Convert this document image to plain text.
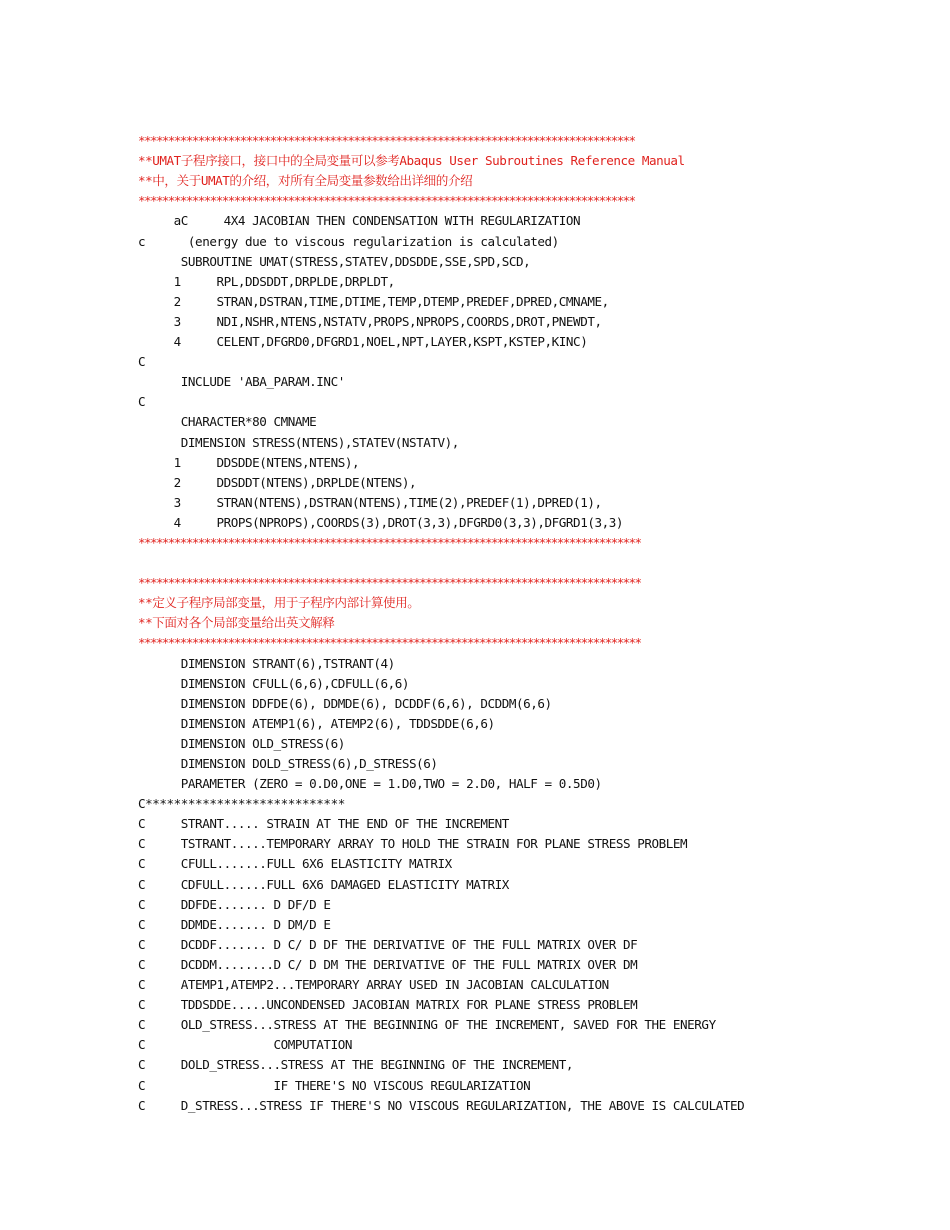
***********************************************************************************
**UMAT子程序接口，接口中的全局变量可以参考Abaqus User Subroutines Reference Manual
**中，关于UMAT的介绍，对所有全局变量参数给出详细的介绍
***********************************************************************************
aC     4X4 JACOBIAN THEN CONDENSATION WITH REGULARIZATION
c      (energy due to viscous regularization is calculated)
SUBROUTINE UMAT(STRESS,STATEV,DDSDDE,SSE,SPD,SCD,
1     RPL,DDSDDT,DRPLDE,DRPLDT,
2     STRAN,DSTRAN,TIME,DTIME,TEMP,DTEMP,PREDEF,DPRED,CMNAME,
3     NDI,NSHR,NTENS,NSTATV,PROPS,NPROPS,COORDS,DROT,PNEWDT,
4     CELENT,DFGRD0,DFGRD1,NOEL,NPT,LAYER,KSPT,KSTEP,KINC)
C
INCLUDE 'ABA_PARAM.INC'
C
CHARACTER*80 CMNAME
DIMENSION STRESS(NTENS),STATEV(NSTATV),
1     DDSDDE(NTENS,NTENS),
2     DDSDDT(NTENS),DRPLDE(NTENS),
3     STRAN(NTENS),DSTRAN(NTENS),TIME(2),PREDEF(1),DPRED(1),
4     PROPS(NPROPS),COORDS(3),DROT(3,3),DFGRD0(3,3),DFGRD1(3,3)
************************************************************************************
************************************************************************************
**定义子程序局部变量，用于子程序内部计算使用。
**下面对各个局部变量给出英文解释
************************************************************************************
DIMENSION STRANT(6),TSTRANT(4)
DIMENSION CFULL(6,6),CDFULL(6,6)
DIMENSION DDFDE(6), DDMDE(6), DCDDF(6,6), DCDDM(6,6)
DIMENSION ATEMP1(6), ATEMP2(6), TDDSDDE(6,6)
DIMENSION OLD_STRESS(6)
DIMENSION DOLD_STRESS(6),D_STRESS(6)
PARAMETER (ZERO = 0.D0,ONE = 1.D0,TWO = 2.D0, HALF = 0.5D0)
C****************************
C     STRANT..... STRAIN AT THE END OF THE INCREMENT
C     TSTRANT.....TEMPORARY ARRAY TO HOLD THE STRAIN FOR PLANE STRESS PROBLEM
C     CFULL.......FULL 6X6 ELASTICITY MATRIX
C     CDFULL......FULL 6X6 DAMAGED ELASTICITY MATRIX
C     DDFDE....... D DF/D E
C     DDMDE....... D DM/D E
C     DCDDF....... D C/ D DF THE DERIVATIVE OF THE FULL MATRIX OVER DF
C     DCDDM........D C/ D DM THE DERIVATIVE OF THE FULL MATRIX OVER DM
C     ATEMP1,ATEMP2...TEMPORARY ARRAY USED IN JACOBIAN CALCULATION
C     TDDSDDE.....UNCONDENSED JACOBIAN MATRIX FOR PLANE STRESS PROBLEM
C     OLD_STRESS...STRESS AT THE BEGINNING OF THE INCREMENT, SAVED FOR THE ENERGY
C                  COMPUTATION
C     DOLD_STRESS...STRESS AT THE BEGINNING OF THE INCREMENT,
C                  IF THERE'S NO VISCOUS REGULARIZATION
C     D_STRESS...STRESS IF THERE'S NO VISCOUS REGULARIZATION, THE ABOVE IS CALCULATED
